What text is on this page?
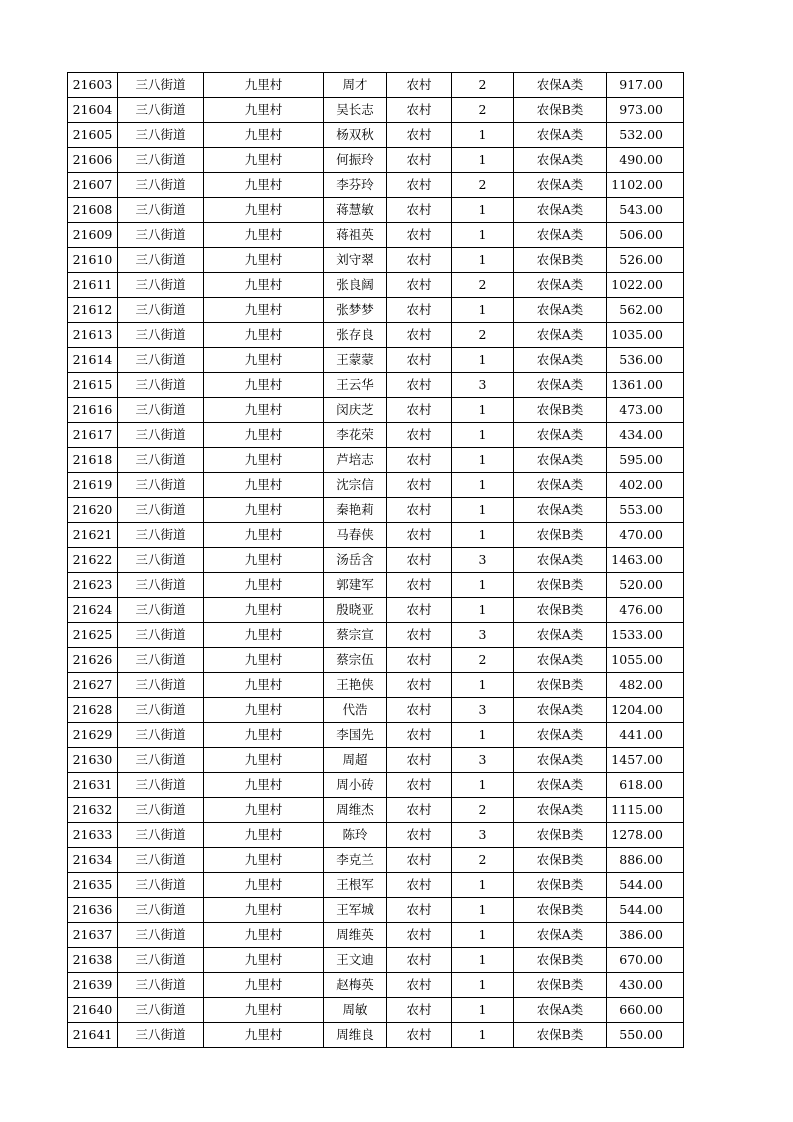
21603	三八街道	九里村	周才	农村	2	农保A类	917.00
21604	三八街道	九里村	吴长志	农村	2	农保B类	973.00
21605	三八街道	九里村	杨双秋	农村	1	农保A类	532.00
21606	三八街道	九里村	何振玲	农村	1	农保A类	490.00
21607	三八街道	九里村	李芬玲	农村	2	农保A类	1102.00
21608	三八街道	九里村	蒋慧敏	农村	1	农保A类	543.00
21609	三八街道	九里村	蒋祖英	农村	1	农保A类	506.00
21610	三八街道	九里村	刘守翠	农村	1	农保B类	526.00
21611	三八街道	九里村	张良阔	农村	2	农保A类	1022.00
21612	三八街道	九里村	张梦梦	农村	1	农保A类	562.00
21613	三八街道	九里村	张存良	农村	2	农保A类	1035.00
21614	三八街道	九里村	王蒙蒙	农村	1	农保A类	536.00
21615	三八街道	九里村	王云华	农村	3	农保A类	1361.00
21616	三八街道	九里村	闵庆芝	农村	1	农保B类	473.00
21617	三八街道	九里村	李花荣	农村	1	农保A类	434.00
21618	三八街道	九里村	芦培志	农村	1	农保A类	595.00
21619	三八街道	九里村	沈宗信	农村	1	农保A类	402.00
21620	三八街道	九里村	秦艳莉	农村	1	农保A类	553.00
21621	三八街道	九里村	马春侠	农村	1	农保B类	470.00
21622	三八街道	九里村	汤岳含	农村	3	农保A类	1463.00
21623	三八街道	九里村	郭建军	农村	1	农保B类	520.00
21624	三八街道	九里村	殷晓亚	农村	1	农保B类	476.00
21625	三八街道	九里村	蔡宗宣	农村	3	农保A类	1533.00
21626	三八街道	九里村	蔡宗伍	农村	2	农保A类	1055.00
21627	三八街道	九里村	王艳侠	农村	1	农保B类	482.00
21628	三八街道	九里村	代浩	农村	3	农保A类	1204.00
21629	三八街道	九里村	李国先	农村	1	农保A类	441.00
21630	三八街道	九里村	周超	农村	3	农保A类	1457.00
21631	三八街道	九里村	周小砖	农村	1	农保A类	618.00
21632	三八街道	九里村	周维杰	农村	2	农保A类	1115.00
21633	三八街道	九里村	陈玲	农村	3	农保B类	1278.00
21634	三八街道	九里村	李克兰	农村	2	农保B类	886.00
21635	三八街道	九里村	王根军	农村	1	农保B类	544.00
21636	三八街道	九里村	王军城	农村	1	农保B类	544.00
21637	三八街道	九里村	周维英	农村	1	农保A类	386.00
21638	三八街道	九里村	王文迪	农村	1	农保B类	670.00
21639	三八街道	九里村	赵梅英	农村	1	农保B类	430.00
21640	三八街道	九里村	周敏	农村	1	农保A类	660.00
21641	三八街道	九里村	周维良	农村	1	农保B类	550.00
